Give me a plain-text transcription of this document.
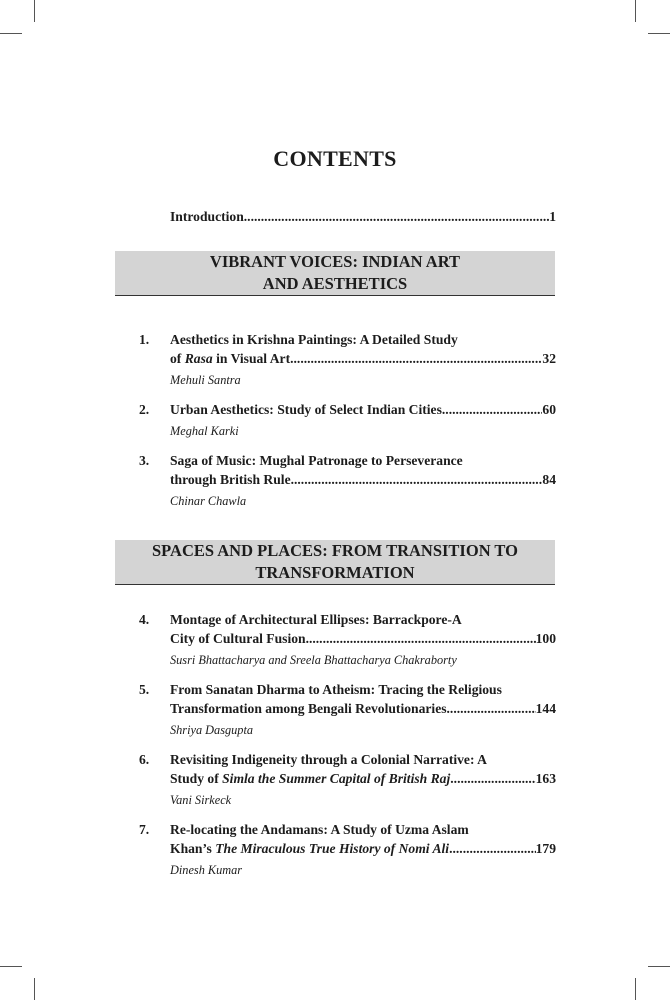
CONTENTS
Introduction .....	1
VIBRANT VOICES: INDIAN ART
AND AESTHETICS
1. Aesthetics in Krishna Paintings: A Detailed Study
of Rasa in Visual Art .....	32
Mehuli Santra
2. Urban Aesthetics: Study of Select Indian Cities .....	60
Meghal Karki
3. Saga of Music: Mughal Patronage to Perseverance
through British Rule .....	84
Chinar Chawla
SPACES AND PLACES: FROM TRANSITION TO
TRANSFORMATION
4. Montage of Architectural Ellipses: Barrackpore-A
City of Cultural Fusion .....	100
Susri Bhattacharya and Sreela Bhattacharya Chakraborty
5. From Sanatan Dharma to Atheism: Tracing the Religious
Transformation among Bengali Revolutionaries .....	144
Shriya Dasgupta
6. Revisiting Indigeneity through a Colonial Narrative: A
Study of Simla the Summer Capital of British Raj .....	163
Vani Sirkeck
7. Re-locating the Andamans: A Study of Uzma Aslam
Khan’s The Miraculous True History of Nomi Ali .....	179
Dinesh Kumar
